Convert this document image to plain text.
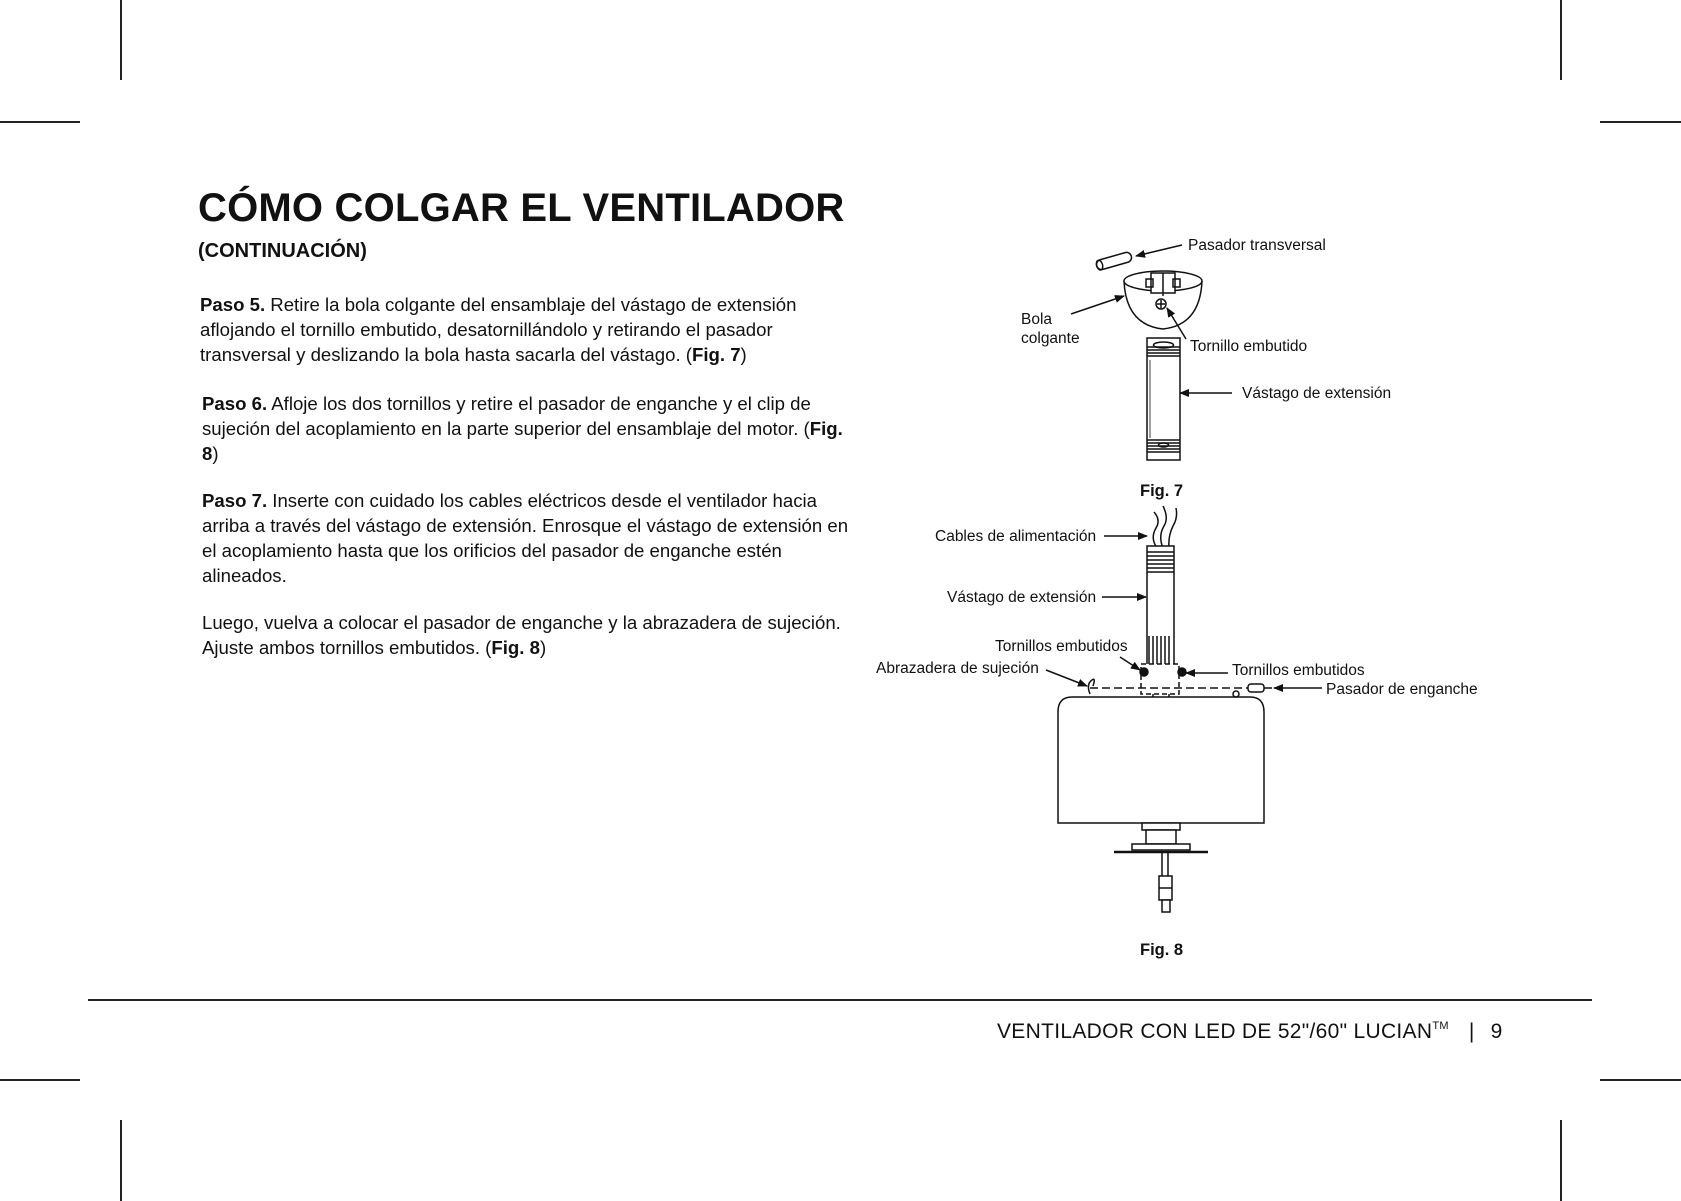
CÓMO COLGAR EL VENTILADOR
(CONTINUACIÓN)
Paso 5. Retire la bola colgante del ensamblaje del vástago de extensión aflojando el tornillo embutido, desatornillándolo y retirando el pasador transversal y deslizando la bola hasta sacarla del vástago. (Fig. 7)
Paso 6. Afloje los dos tornillos y retire el pasador de enganche y el clip de sujeción del acoplamiento en la parte superior del ensamblaje del motor. (Fig. 8)
Paso 7. Inserte con cuidado los cables eléctricos desde el ventilador hacia arriba a través del vástago de extensión. Enrosque el vástago de extensión en el acoplamiento hasta que los orificios del pasador de enganche estén alineados.
Luego, vuelva a colocar el pasador de enganche y la abrazadera de sujeción. Ajuste ambos tornillos embutidos. (Fig. 8)
Pasador transversal
Bola
colgante	Tornillo embutido
Vástago de extensión
Fig. 7
Cables de alimentación
Vástago de extensión
Tornillos embutidos
Abrazadera de sujeción	Tornillos embutidos
Pasador de enganche
Fig. 8
VENTILADOR CON LED DE 52"/60" LUCIAN™ | 9
